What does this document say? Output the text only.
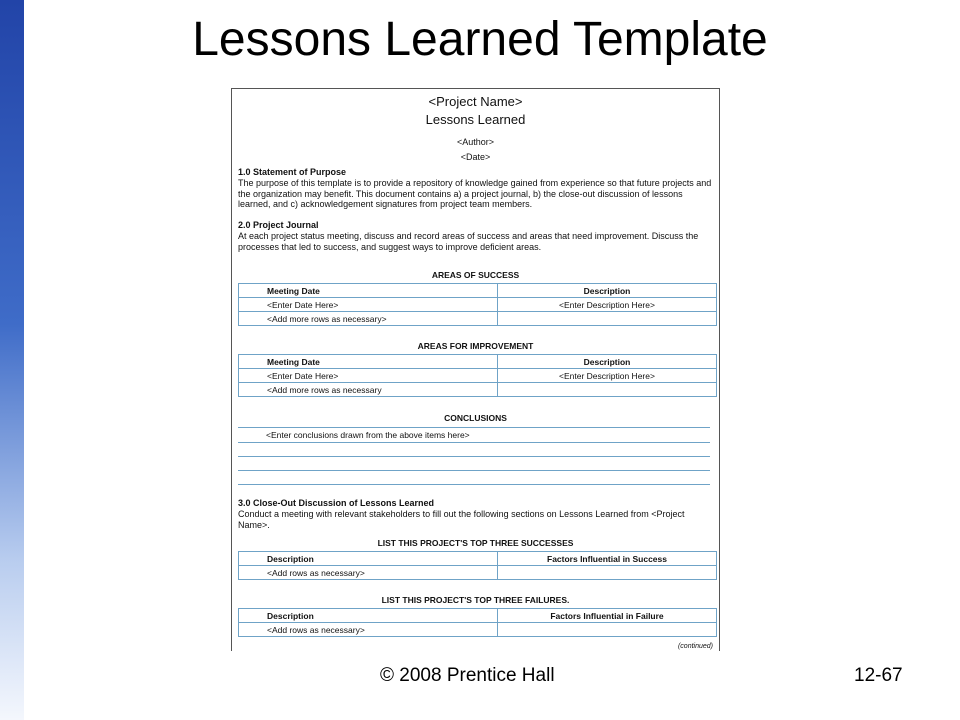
Lessons Learned Template
<Project Name>
Lessons Learned
<Author>
<Date>
1.0 Statement of Purpose
The purpose of this template is to provide a repository of knowledge gained from experience so that future projects and the organization may benefit. This document contains a) a project journal, b) the close-out discussion of lessons learned, and c) acknowledgement signatures from project team members.
2.0 Project Journal
At each project status meeting, discuss and record areas of success and areas that need improvement. Discuss the processes that led to success, and suggest ways to improve deficient areas.
AREAS OF SUCCESS
Meeting Date	Description
<Enter Date Here>	<Enter Description Here>
<Add more rows as necessary>	
AREAS FOR IMPROVEMENT
Meeting Date	Description
<Enter Date Here>	<Enter Description Here>
<Add more rows as necessary	
CONCLUSIONS
<Enter conclusions drawn from the above items here>
3.0 Close-Out Discussion of Lessons Learned
Conduct a meeting with relevant stakeholders to fill out the following sections on Lessons Learned from <Project Name>.
LIST THIS PROJECT'S TOP THREE SUCCESSES
Description	Factors Influential in Success
<Add rows as necessary>	
LIST THIS PROJECT'S TOP THREE FAILURES.
Description	Factors Influential in Failure
<Add rows as necessary>	
(continued)
© 2008 Prentice Hall	12-67
